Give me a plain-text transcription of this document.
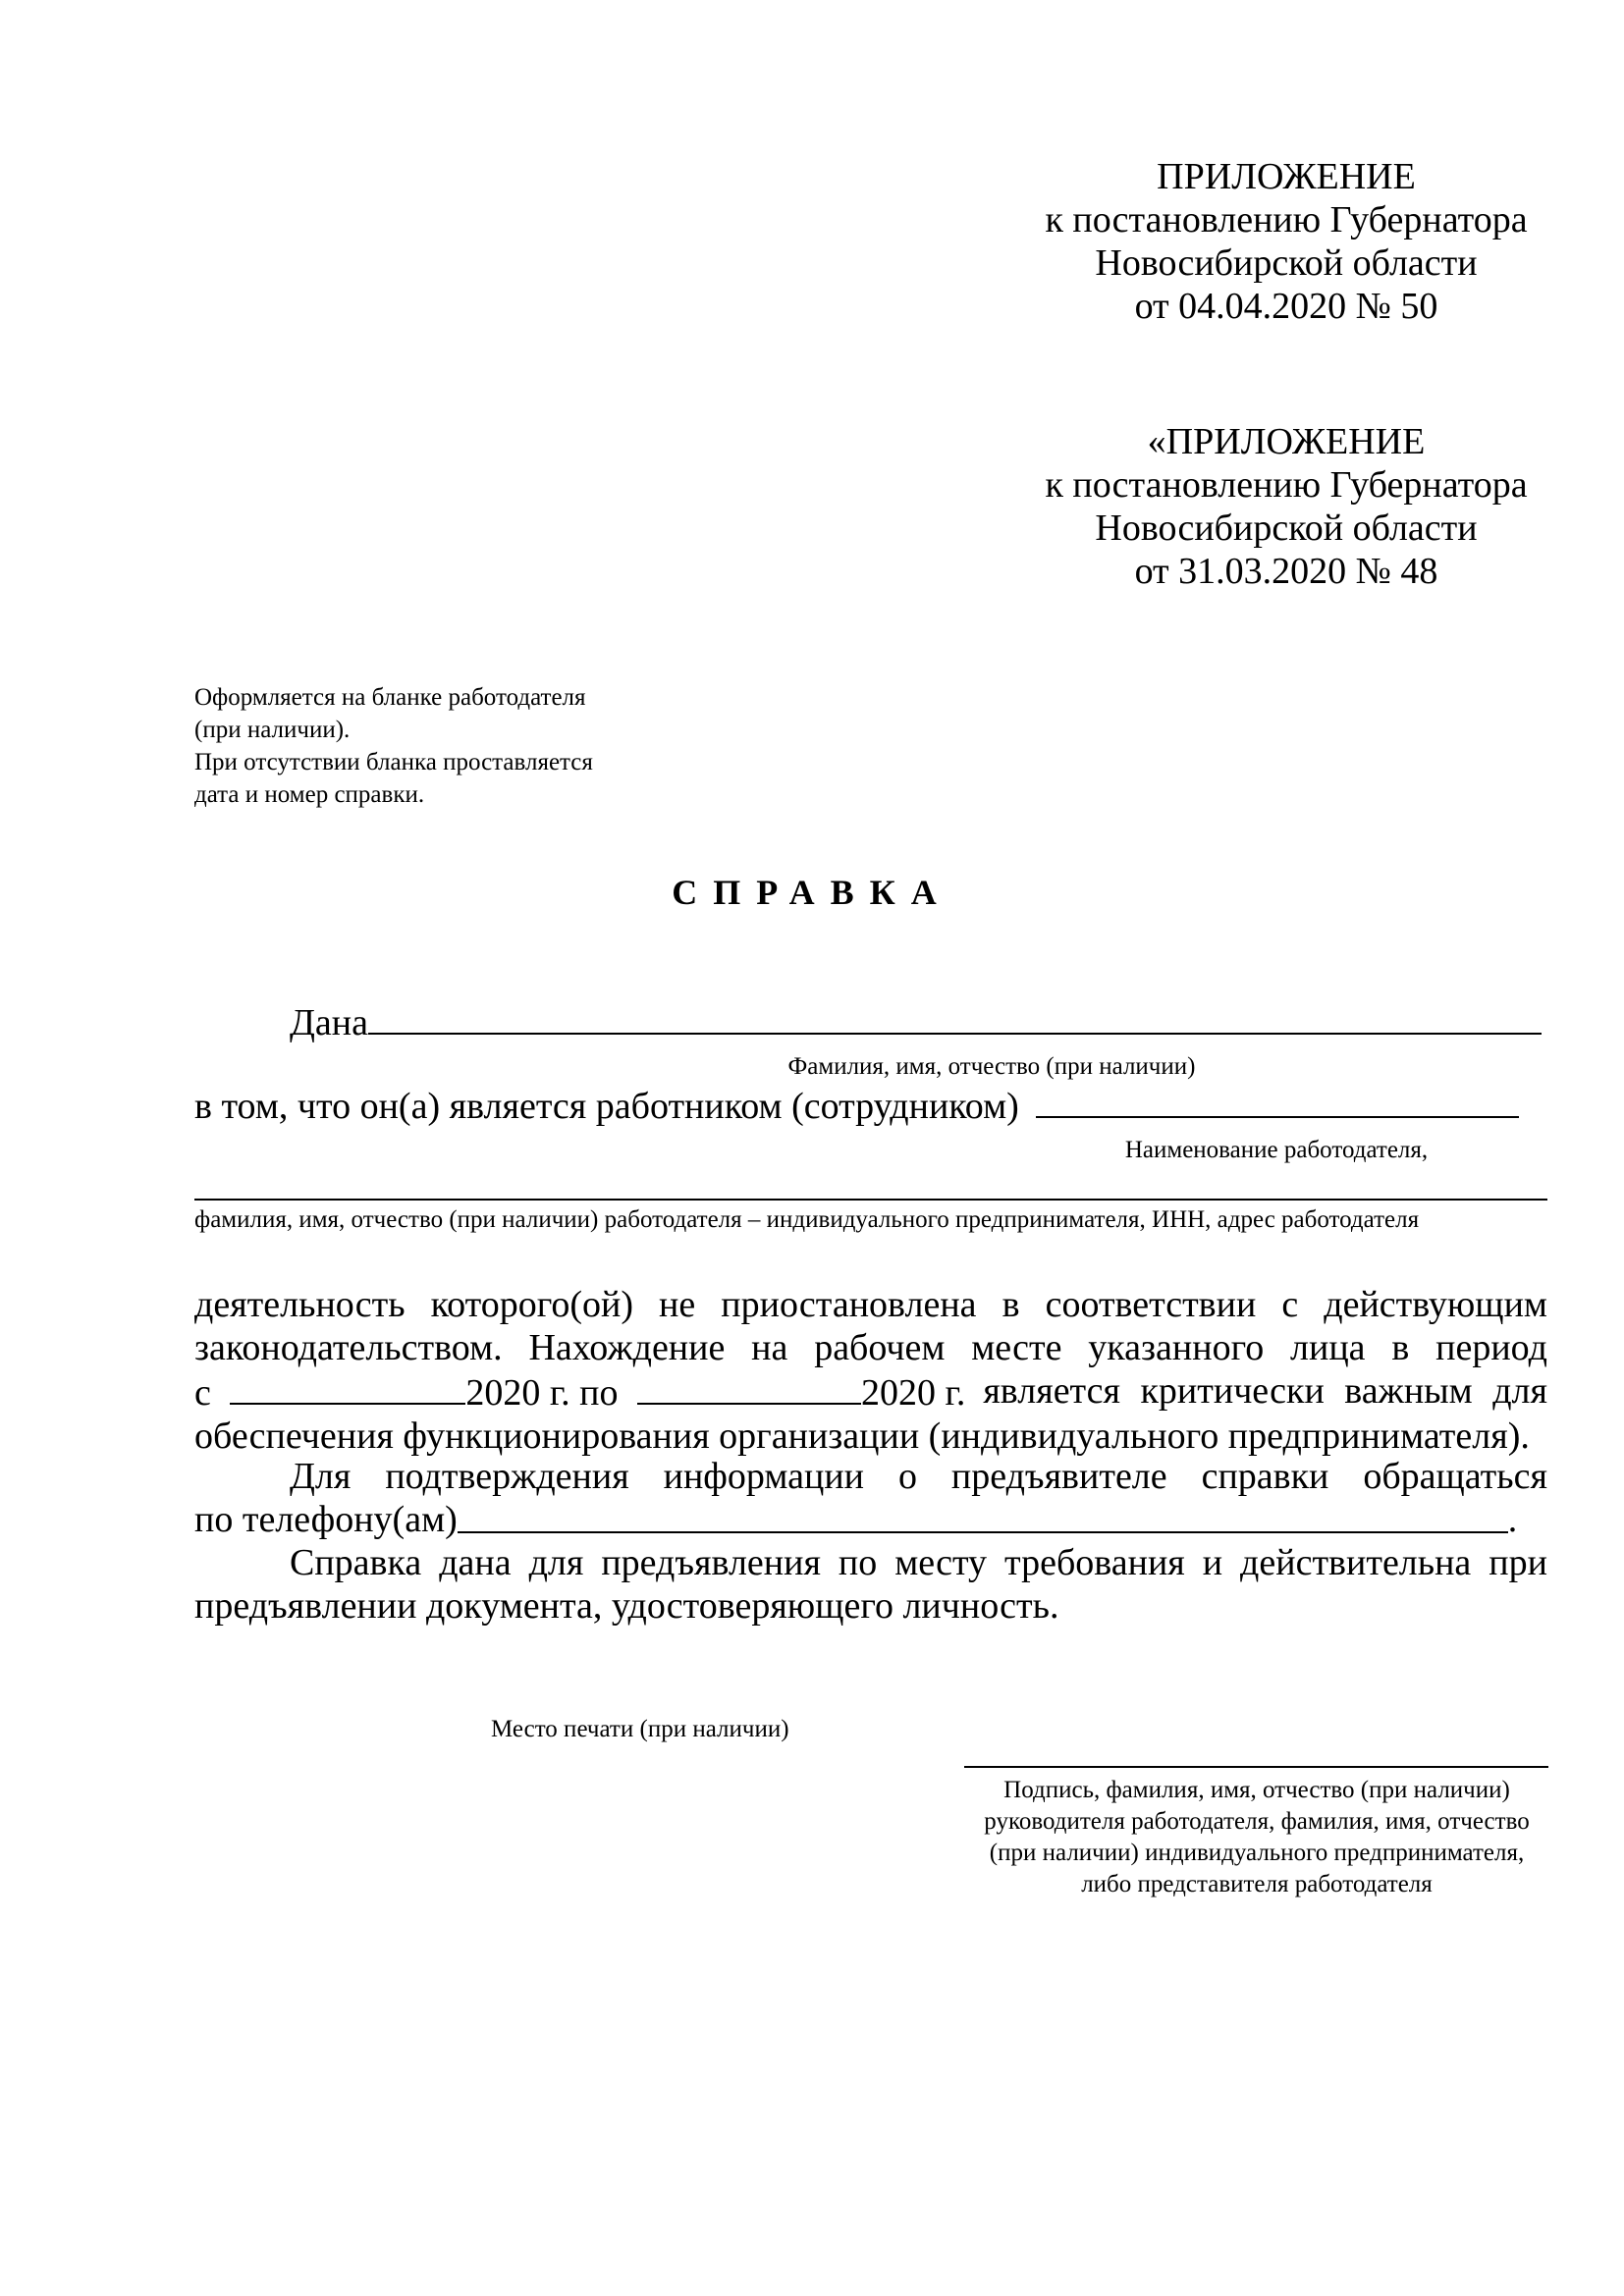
ПРИЛОЖЕНИЕ
к постановлению Губернатора
Новосибирской области
от 04.04.2020 № 50
«ПРИЛОЖЕНИЕ
к постановлению Губернатора
Новосибирской области
от 31.03.2020 № 48
Оформляется на бланке работодателя
(при наличии).
При отсутствии бланка проставляется
дата и номер справки.
СПРАВКА
Дана
Фамилия, имя, отчество (при наличии)
в том, что он(а) является работником (сотрудником)
Наименование работодателя,
фамилия, имя, отчество (при наличии) работодателя – индивидуального предпринимателя, ИНН, адрес работодателя
деятельность которого(ой) не приостановлена в соответствии с действующим
законодательством. Нахождение на рабочем месте указанного лица в период
с	2020 г. по	2020 г. является критически важным для
обеспечения функционирования организации (индивидуального предпринимателя).
Для подтверждения информации о предъявителе справки обращаться
по телефону(ам)	.
Справка дана для предъявления по месту требования и действительна при
предъявлении документа, удостоверяющего личность.
Место печати (при наличии)
Подпись, фамилия, имя, отчество (при наличии)
руководителя работодателя, фамилия, имя, отчество
(при наличии) индивидуального предпринимателя,
либо представителя работодателя
